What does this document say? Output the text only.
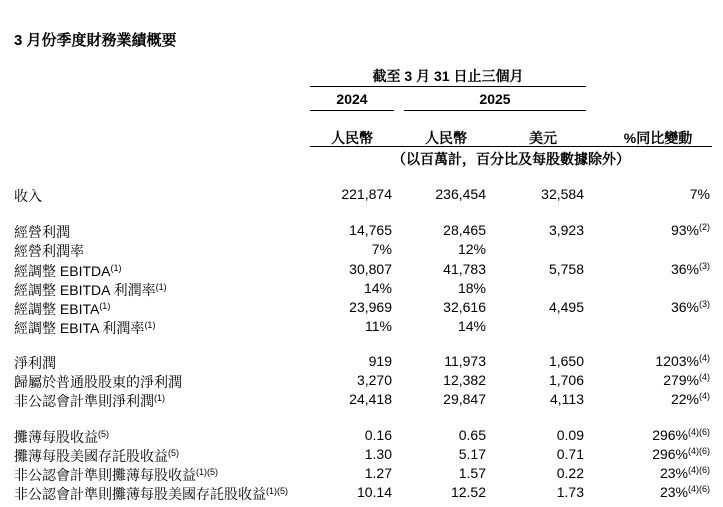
3 月份季度財務業績概要
截至 3 月 31 日止三個月
2024	2025
人民幣	人民幣	美元	%同比變動
（以百萬計，百分比及每股數據除外）
收入	221,874	236,454	32,584	7%
經營利潤	14,765	28,465	3,923	93%$^{(2)}$
經營利潤率	7%	12%
經調整 EBITDA$^{(1)}$	30,807	41,783	5,758	36%$^{(3)}$
經調整 EBITDA 利潤率$^{(1)}$	14%	18%
經調整 EBITA$^{(1)}$	23,969	32,616	4,495	36%$^{(3)}$
經調整 EBITA 利潤率$^{(1)}$	11%	14%
淨利潤	919	11,973	1,650	1203%$^{(4)}$
歸屬於普通股股東的淨利潤	3,270	12,382	1,706	279%$^{(4)}$
非公認會計準則淨利潤$^{(1)}$	24,418	29,847	4,113	22%$^{(4)}$
攤薄每股收益$^{(5)}$	0.16	0.65	0.09	296%$^{(4)(6)}$
攤薄每股美國存託股收益$^{(5)}$	1.30	5.17	0.71	296%$^{(4)(6)}$
非公認會計準則攤薄每股收益$^{(1)(5)}$	1.27	1.57	0.22	23%$^{(4)(6)}$
非公認會計準則攤薄每股美國存託股收益$^{(1)(5)}$	10.14	12.52	1.73	23%$^{(4)(6)}$
